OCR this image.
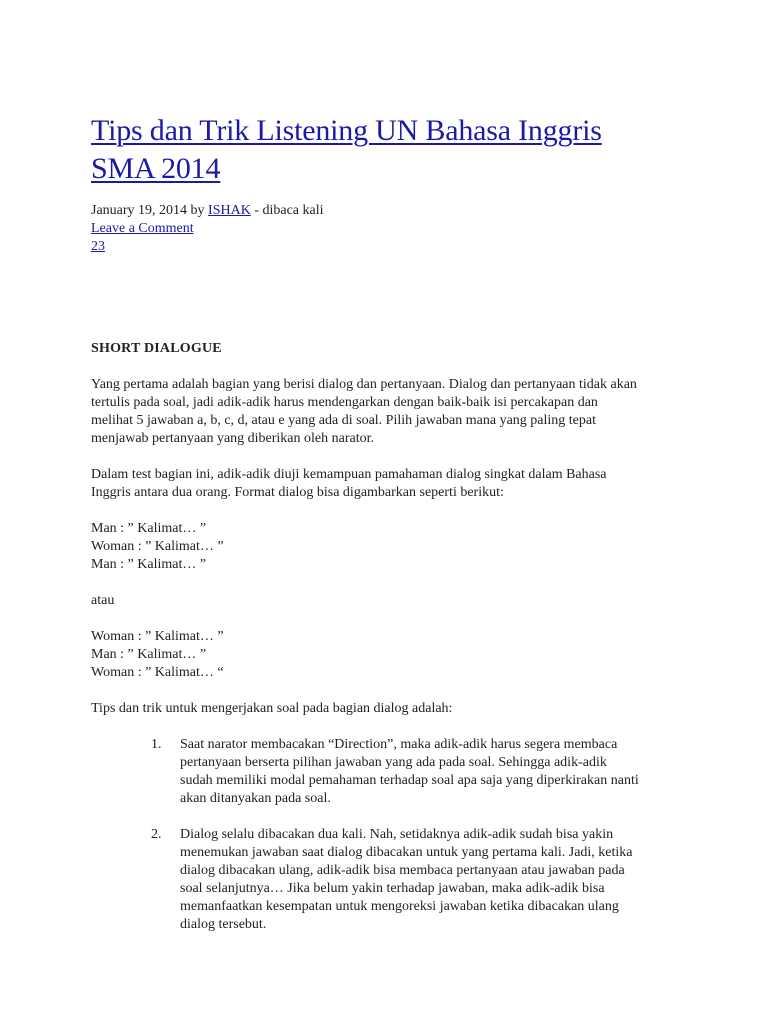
Tips dan Trik Listening UN Bahasa Inggris
SMA 2014
January 19, 2014 by ISHAK - dibaca kali
Leave a Comment
23
SHORT DIALOGUE

Yang pertama adalah bagian yang berisi dialog dan pertanyaan. Dialog dan pertanyaan tidak akan
tertulis pada soal, jadi adik-adik harus mendengarkan dengan baik-baik isi percakapan dan
melihat 5 jawaban a, b, c, d, atau e yang ada di soal. Pilih jawaban mana yang paling tepat
menjawab pertanyaan yang diberikan oleh narator.

Dalam test bagian ini, adik-adik diuji kemampuan pamahaman dialog singkat dalam Bahasa
Inggris antara dua orang. Format dialog bisa digambarkan seperti berikut:

Man : ” Kalimat… ”
Woman : ” Kalimat… ”
Man : ” Kalimat… ”

atau

Woman : ” Kalimat… ”
Man : ” Kalimat… ”
Woman : ” Kalimat… “

Tips dan trik untuk mengerjakan soal pada bagian dialog adalah:

1. Saat narator membacakan “Direction”, maka adik-adik harus segera membaca
pertanyaan berserta pilihan jawaban yang ada pada soal. Sehingga adik-adik
sudah memiliki modal pemahaman terhadap soal apa saja yang diperkirakan nanti
akan ditanyakan pada soal.
2. Dialog selalu dibacakan dua kali. Nah, setidaknya adik-adik sudah bisa yakin
menemukan jawaban saat dialog dibacakan untuk yang pertama kali. Jadi, ketika
dialog dibacakan ulang, adik-adik bisa membaca pertanyaan atau jawaban pada
soal selanjutnya… Jika belum yakin terhadap jawaban, maka adik-adik bisa
memanfaatkan kesempatan untuk mengoreksi jawaban ketika dibacakan ulang
dialog tersebut.
